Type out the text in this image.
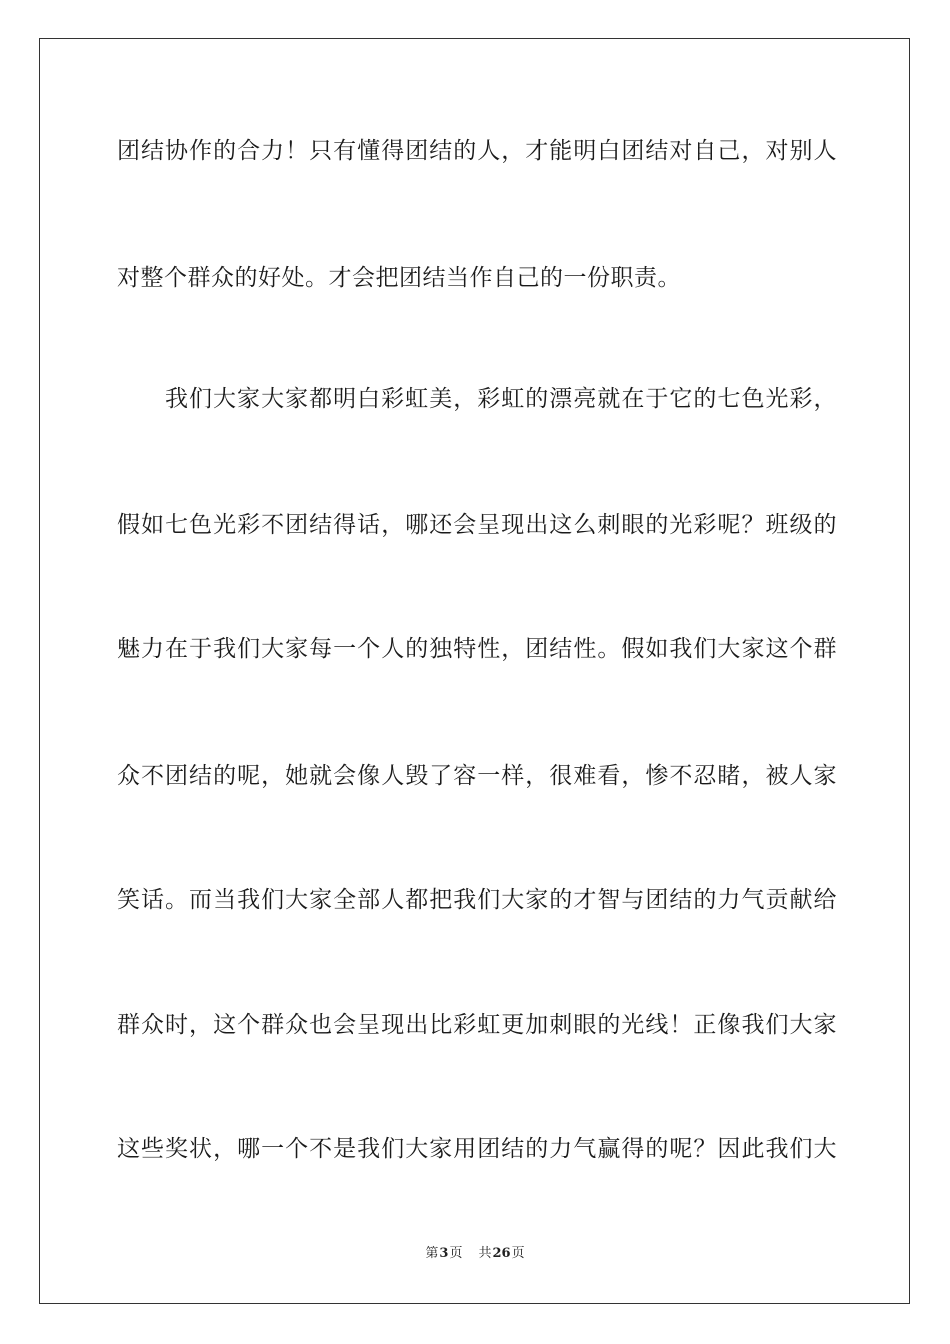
团结协作的合力！只有懂得团结的人，才能明白团结对自己，对别人
对整个群众的好处。才会把团结当作自己的一份职责。
我们大家大家都明白彩虹美，彩虹的漂亮就在于它的七色光彩，
假如七色光彩不团结得话，哪还会呈现出这么刺眼的光彩呢？班级的
魅力在于我们大家每一个人的独特性，团结性。假如我们大家这个群
众不团结的呢，她就会像人毁了容一样，很难看，惨不忍睹，被人家
笑话。而当我们大家全部人都把我们大家的才智与团结的力气贡献给
群众时，这个群众也会呈现出比彩虹更加刺眼的光线！正像我们大家
这些奖状，哪一个不是我们大家用团结的力气赢得的呢？因此我们大
第3页 共26页
